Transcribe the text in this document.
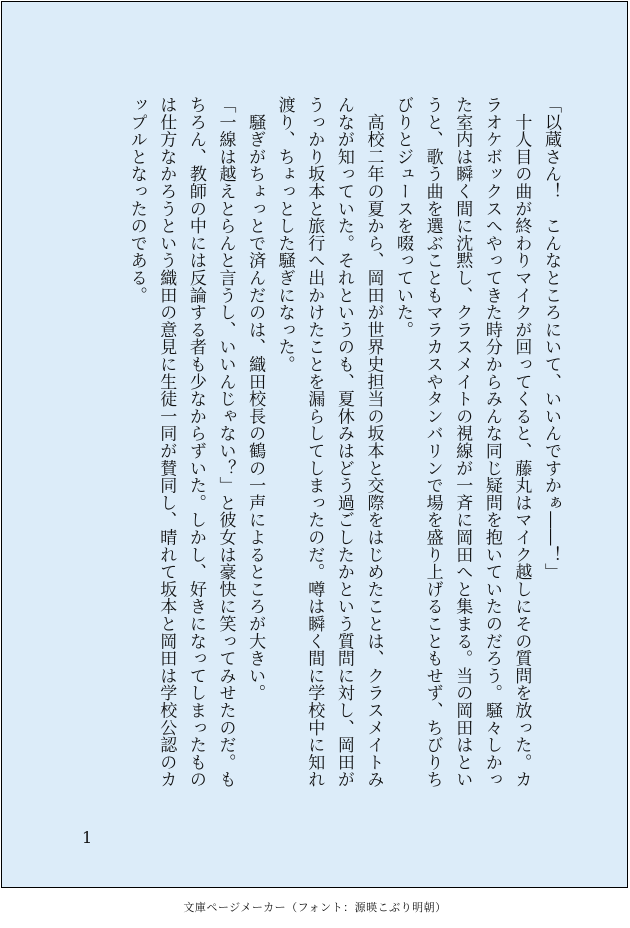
「以蔵さん！　こんなところにいて、いいんですかぁ――！」

　十人目の曲が終わりマイクが回ってくると、藤丸はマイク越しにその質問を放った。カラオケボックスへやってきた時分からみんな同じ疑問を抱いていたのだろう。騒々しかった室内は瞬く間に沈黙し、クラスメイトの視線が一斉に岡田へと集まる。当の岡田はというと、歌う曲を選ぶこともマラカスやタンバリンで場を盛り上げることもせず、ちびりちびりとジュースを啜っていた。

　高校二年の夏から、岡田が世界史担当の坂本と交際をはじめたことは、クラスメイトみんなが知っていた。それというのも、夏休みはどう過ごしたかという質問に対し、岡田がうっかり坂本と旅行へ出かけたことを漏らしてしまったのだ。噂は瞬く間に学校中に知れ渡り、ちょっとした騒ぎになった。

　騒ぎがちょっとで済んだのは、織田校長の鶴の一声によるところが大きい。

「一線は越えとらんと言うし、いいんじゃない？」と彼女は豪快に笑ってみせたのだ。もちろん、教師の中には反論する者も少なからずいた。しかし、好きになってしまったものは仕方なかろうという織田の意見に生徒一同が賛同し、晴れて坂本と岡田は学校公認のカップルとなったのである。

1
文庫ページメーカー（フォント：源暎こぶり明朝）
